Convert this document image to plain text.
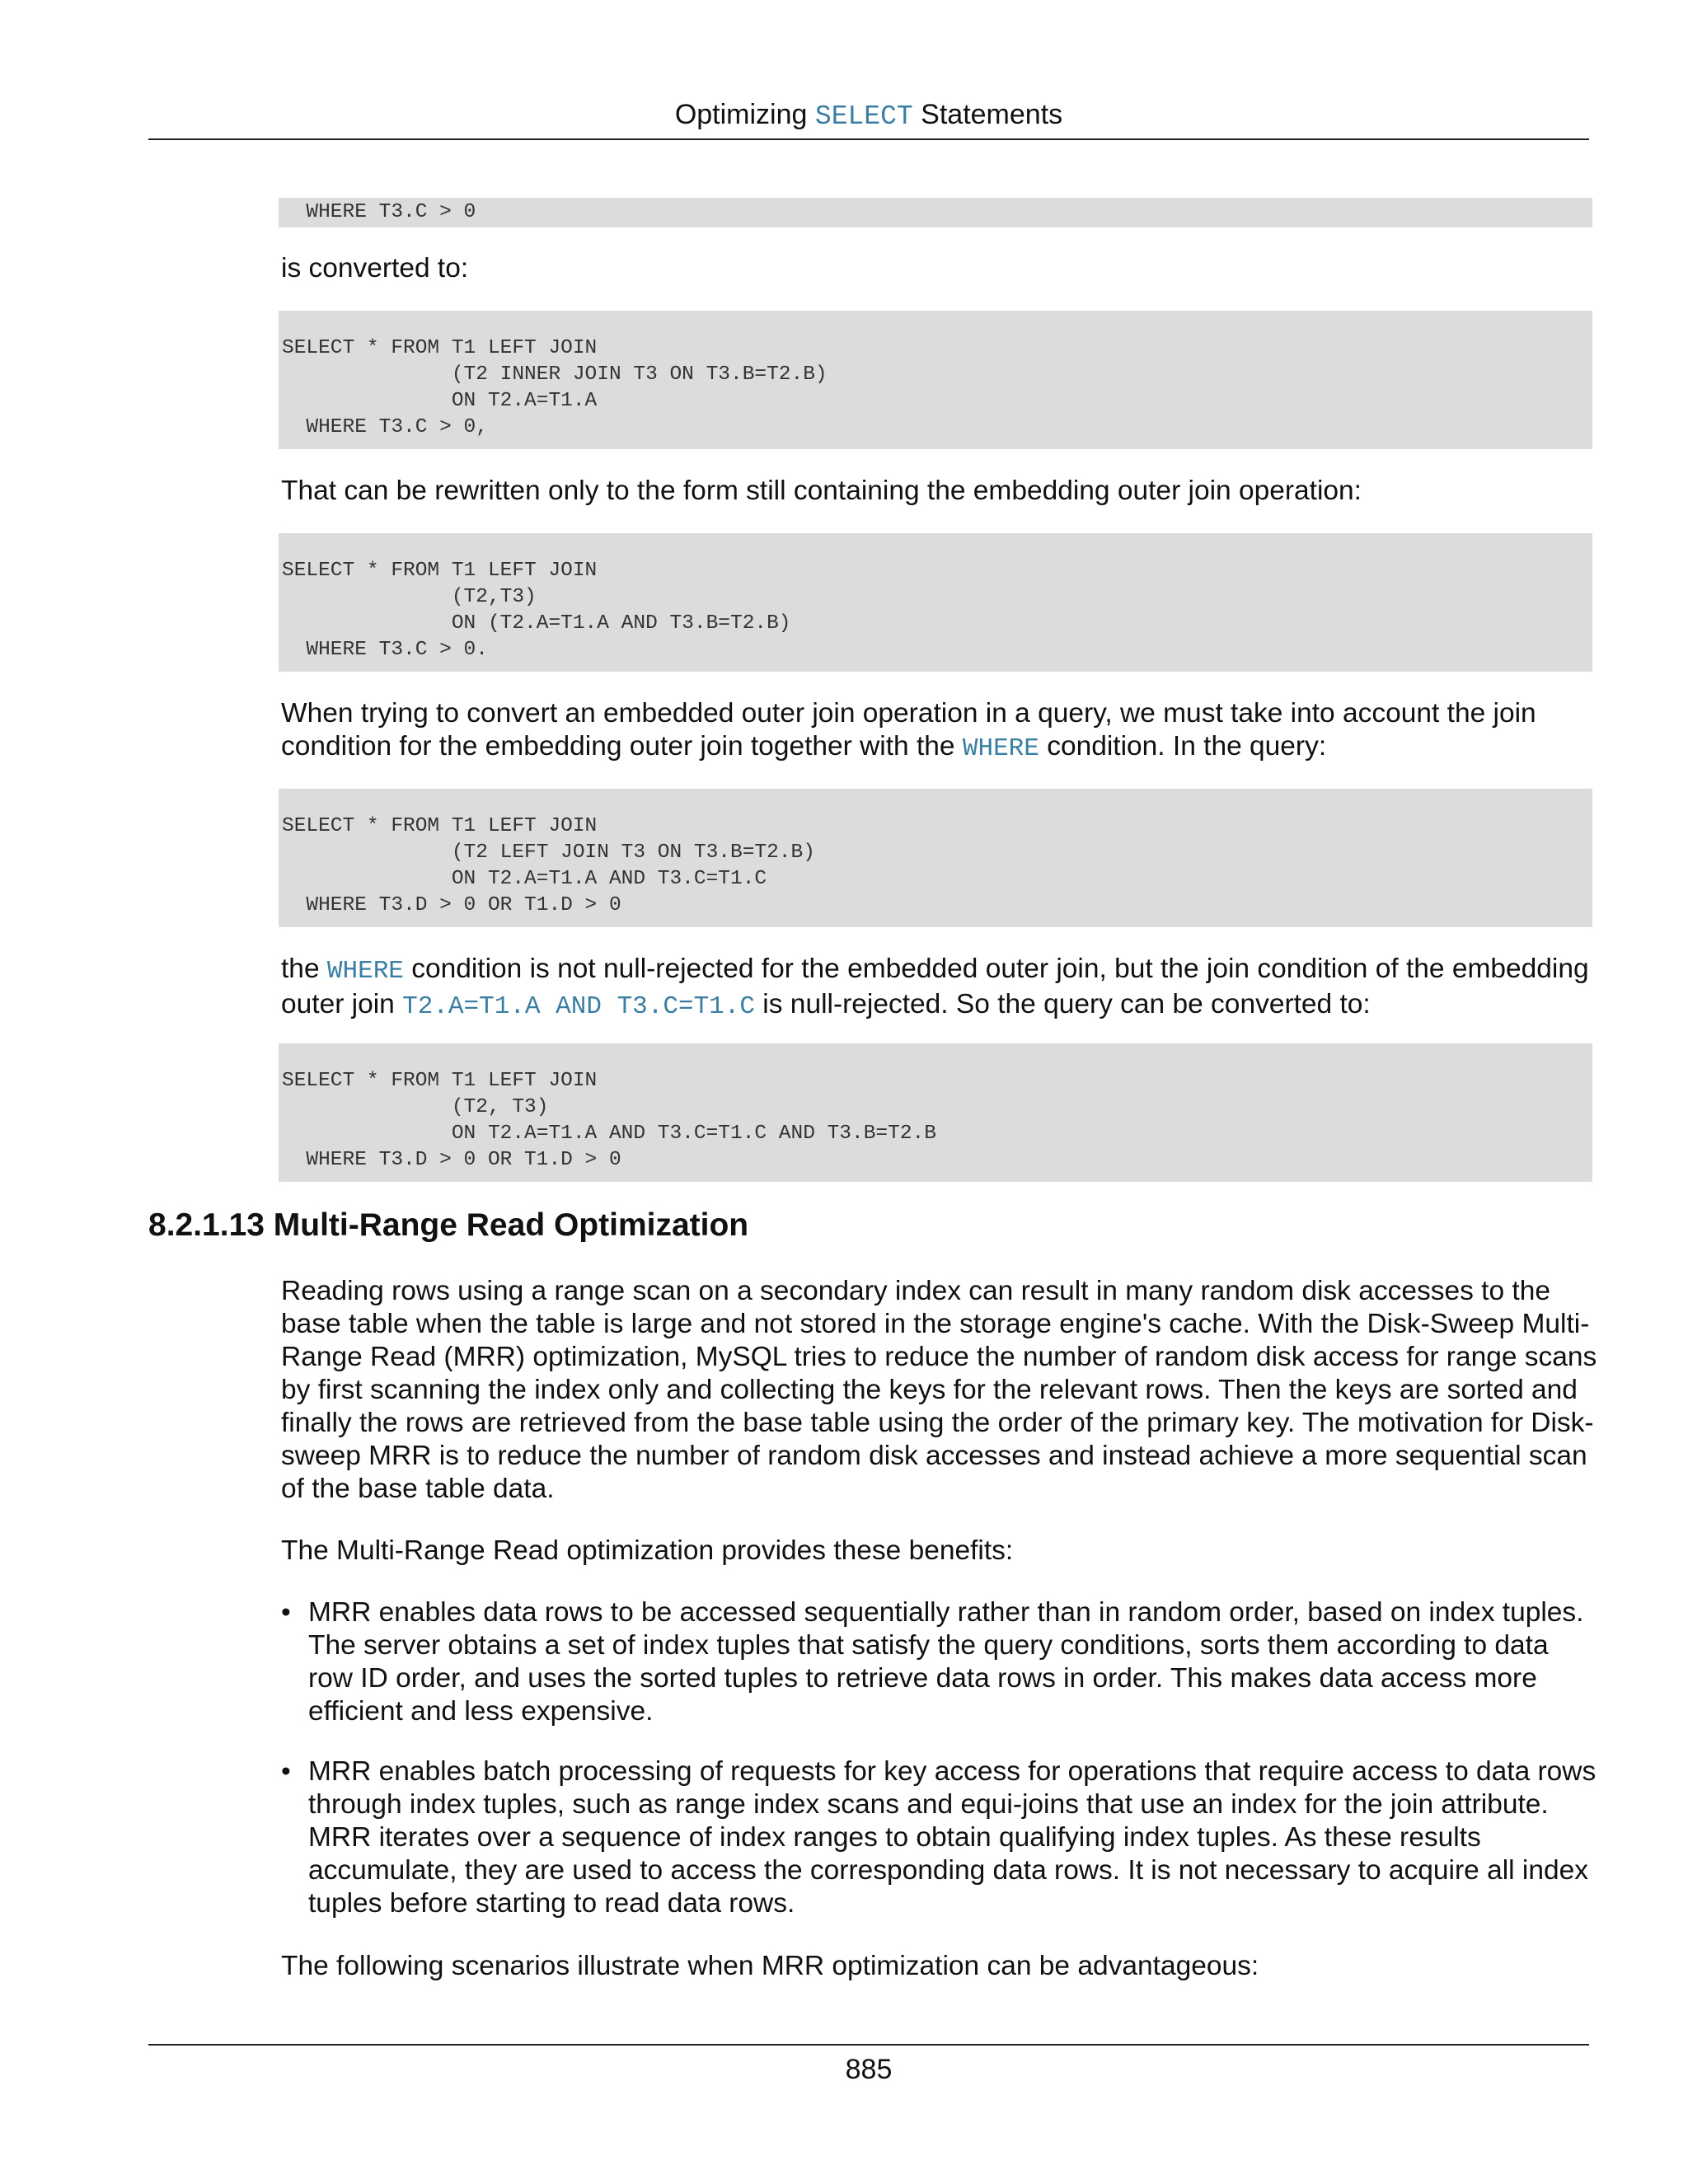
Optimizing SELECT Statements
WHERE T3.C > 0

is converted to:

SELECT * FROM T1 LEFT JOIN
(T2 INNER JOIN T3 ON T3.B=T2.B)
ON T2.A=T1.A
WHERE T3.C > 0,

That can be rewritten only to the form still containing the embedding outer join operation:

SELECT * FROM T1 LEFT JOIN
(T2,T3)
ON (T2.A=T1.A AND T3.B=T2.B)
WHERE T3.C > 0.

When trying to convert an embedded outer join operation in a query, we must take into account the join condition for the embedding outer join together with the WHERE condition. In the query:

SELECT * FROM T1 LEFT JOIN
(T2 LEFT JOIN T3 ON T3.B=T2.B)
ON T2.A=T1.A AND T3.C=T1.C
WHERE T3.D > 0 OR T1.D > 0

the WHERE condition is not null-rejected for the embedded outer join, but the join condition of the embedding outer join T2.A=T1.A AND T3.C=T1.C is null-rejected. So the query can be converted to:

SELECT * FROM T1 LEFT JOIN
(T2, T3)
ON T2.A=T1.A AND T3.C=T1.C AND T3.B=T2.B
WHERE T3.D > 0 OR T1.D > 0
8.2.1.13 Multi-Range Read Optimization

Reading rows using a range scan on a secondary index can result in many random disk accesses to the base table when the table is large and not stored in the storage engine's cache. With the Disk-Sweep Multi-Range Read (MRR) optimization, MySQL tries to reduce the number of random disk access for range scans by first scanning the index only and collecting the keys for the relevant rows. Then the keys are sorted and finally the rows are retrieved from the base table using the order of the primary key. The motivation for Disk-sweep MRR is to reduce the number of random disk accesses and instead achieve a more sequential scan of the base table data.

The Multi-Range Read optimization provides these benefits:

• MRR enables data rows to be accessed sequentially rather than in random order, based on index tuples. The server obtains a set of index tuples that satisfy the query conditions, sorts them according to data row ID order, and uses the sorted tuples to retrieve data rows in order. This makes data access more efficient and less expensive.
• MRR enables batch processing of requests for key access for operations that require access to data rows through index tuples, such as range index scans and equi-joins that use an index for the join attribute. MRR iterates over a sequence of index ranges to obtain qualifying index tuples. As these results accumulate, they are used to access the corresponding data rows. It is not necessary to acquire all index tuples before starting to read data rows.

The following scenarios illustrate when MRR optimization can be advantageous:

885
